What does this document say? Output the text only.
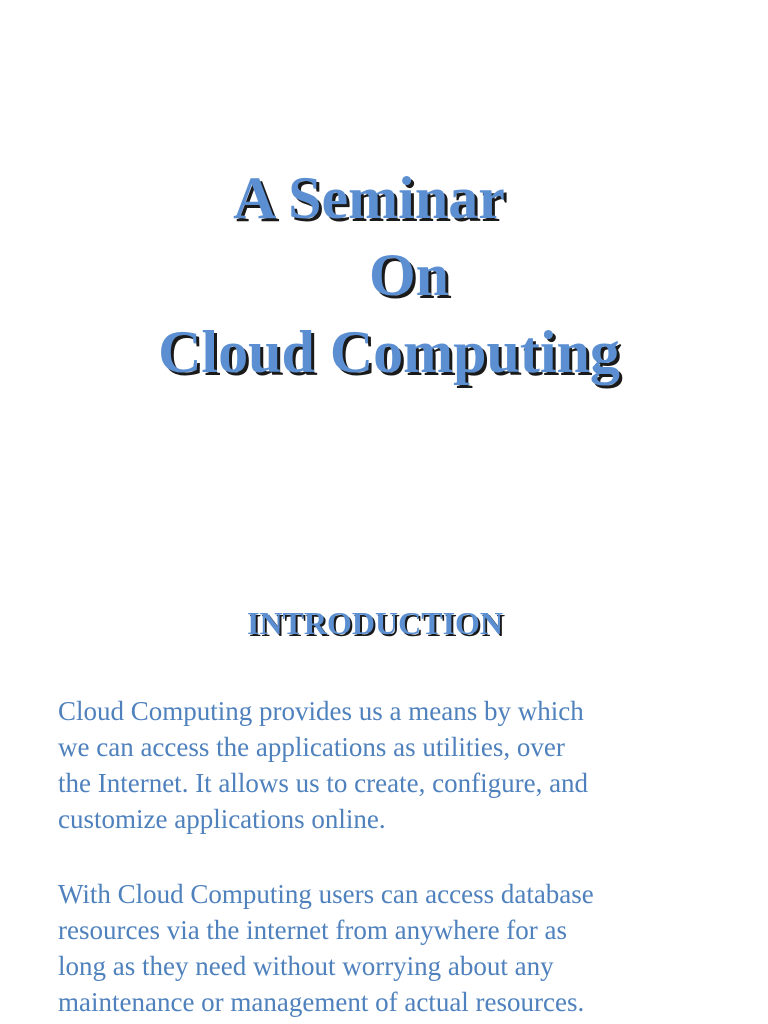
A Seminar
On
Cloud Computing
INTRODUCTION

Cloud Computing provides us a means by which
we can access the applications as utilities, over
the Internet. It allows us to create, configure, and
customize applications online.

With Cloud Computing users can access database
resources via the internet from anywhere for as
long as they need without worrying about any
maintenance or management of actual resources.
